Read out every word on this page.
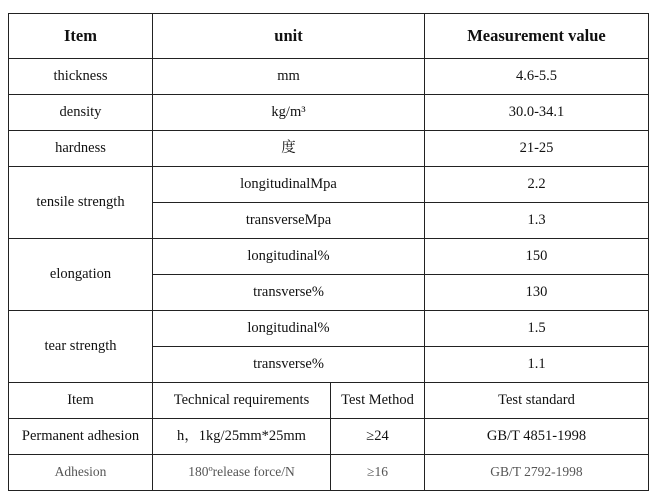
Item	unit		Measurement value
thickness	mm		4.6-5.5
density	kg/m³		30.0-34.1
hardness	度		21-25
tensile strength	longitudinalMpa		2.2
	transverseMpa		1.3
elongation	longitudinal%		150
	transverse%		130
tear strength	longitudinal%		1.5
	transverse%		1.1
Item	Technical requirements	Test Method	Test standard
Permanent adhesion	h，1kg/25mm*25mm	≥24	GB/T 4851-1998
Adhesion	180ºrelease force/N	≥16	GB/T 2792-1998
